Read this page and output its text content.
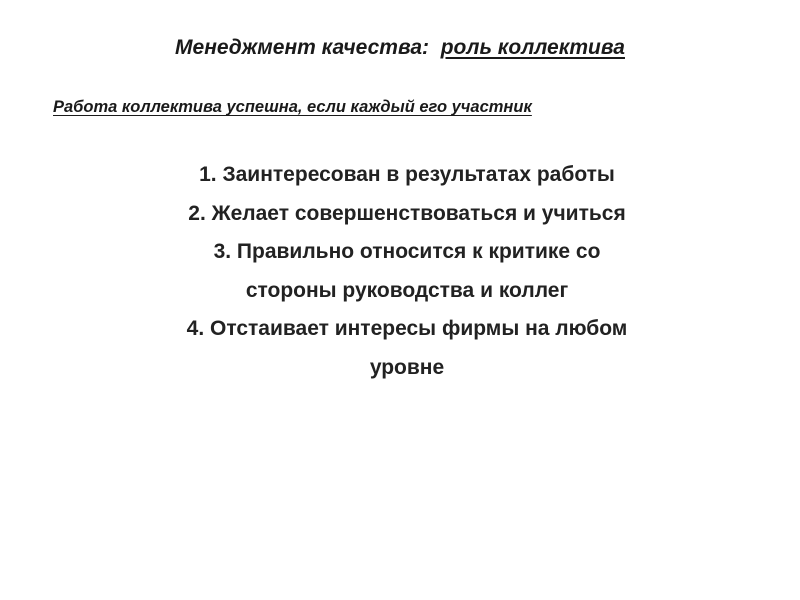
Менеджмент качества: роль коллектива
Работа коллектива успешна, если каждый его участник
1. Заинтересован в результатах работы
2. Желает совершенствоваться и учиться
3. Правильно относится к критике со
стороны руководства и коллег
4. Отстаивает интересы фирмы на любом
уровне
